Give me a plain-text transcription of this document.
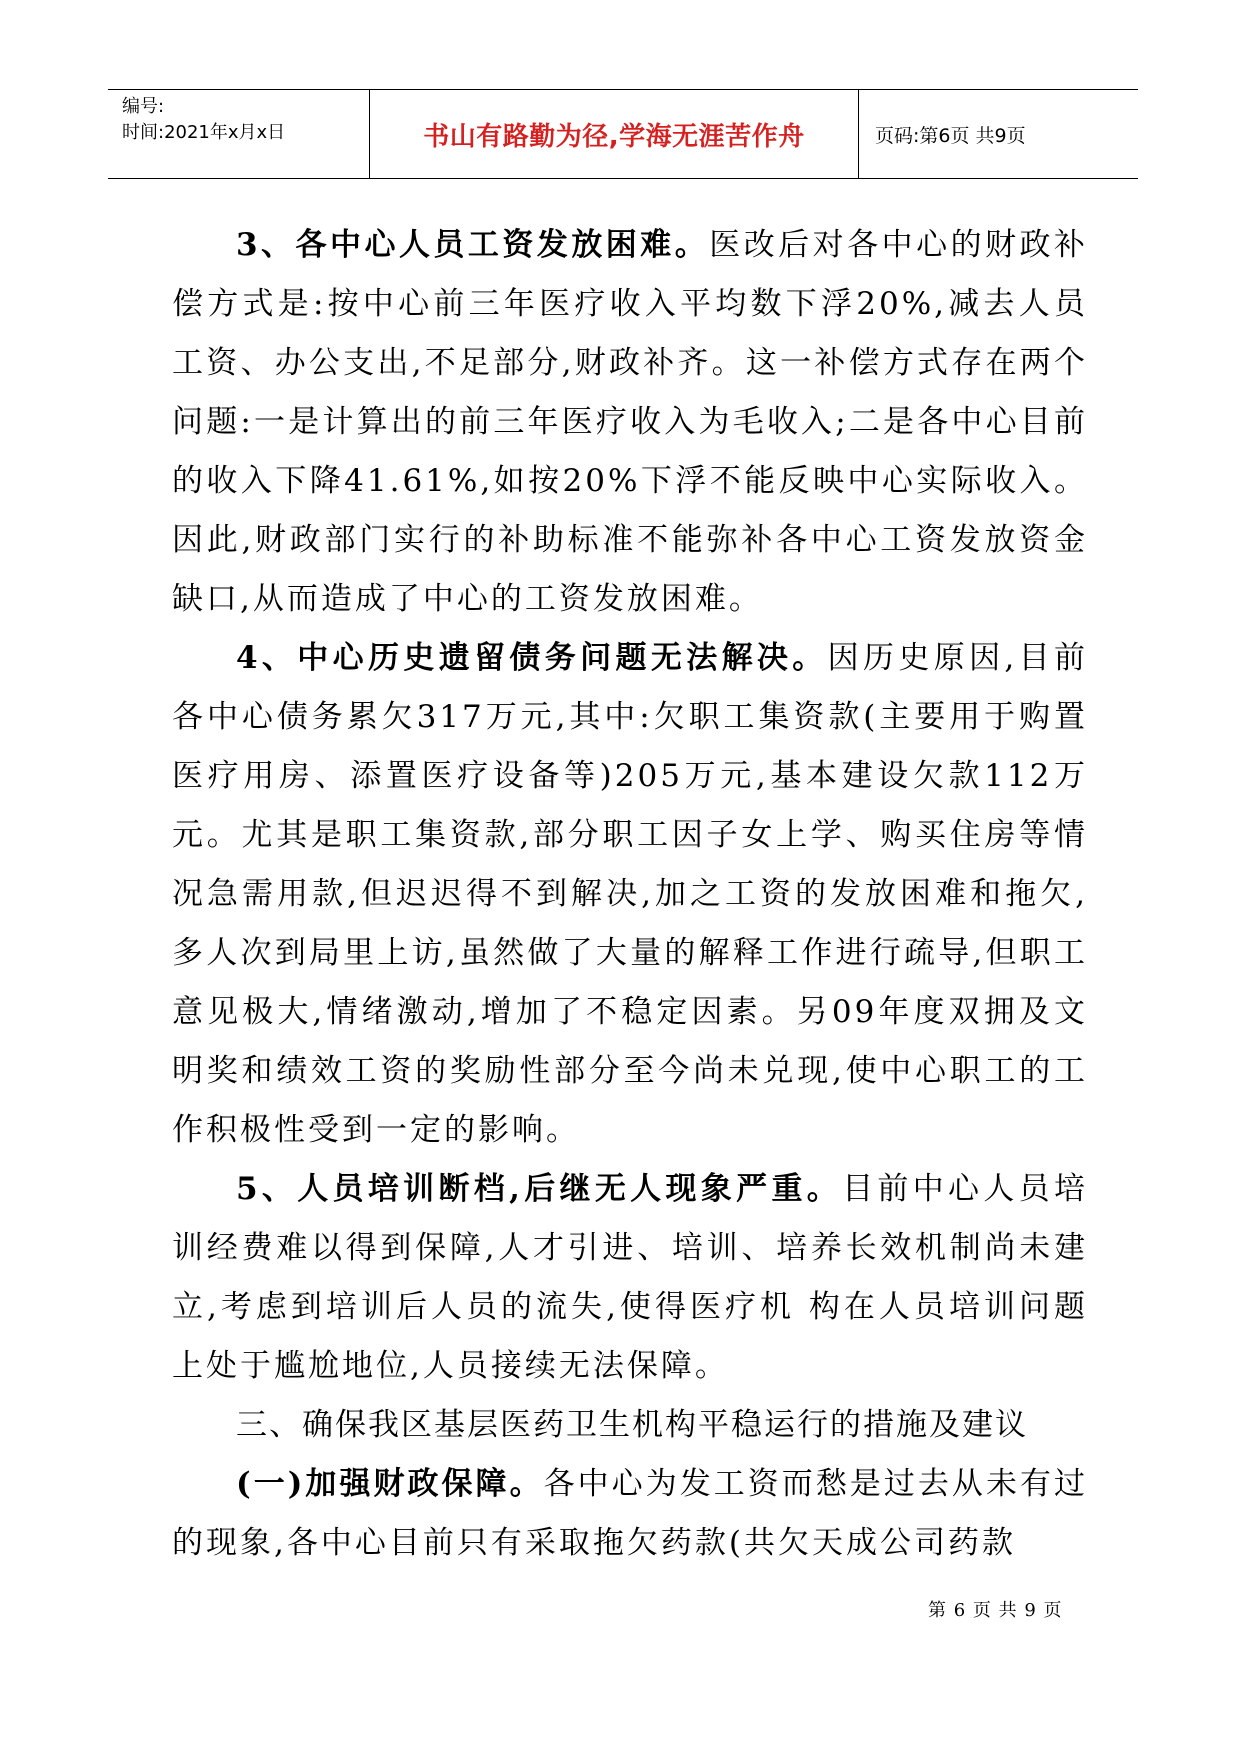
编号:
时间:2021年x月x日	书山有路勤为径,学海无涯苦作舟	页码:第6页 共9页

3、各中心人员工资发放困难。医改后对各中心的财政补偿方式是:按中心前三年医疗收入平均数下浮20%,减去人员工资、办公支出,不足部分,财政补齐。这一补偿方式存在两个问题:一是计算出的前三年医疗收入为毛收入;二是各中心目前的收入下降41.61%,如按20%下浮不能反映中心实际收入。因此,财政部门实行的补助标准不能弥补各中心工资发放资金缺口,从而造成了中心的工资发放困难。

4、中心历史遗留债务问题无法解决。因历史原因,目前各中心债务累欠317万元,其中:欠职工集资款(主要用于购置医疗用房、添置医疗设备等)205万元,基本建设欠款112万元。尤其是职工集资款,部分职工因子女上学、购买住房等情况急需用款,但迟迟得不到解决,加之工资的发放困难和拖欠,多人次到局里上访,虽然做了大量的解释工作进行疏导,但职工意见极大,情绪激动,增加了不稳定因素。另09年度双拥及文明奖和绩效工资的奖励性部分至今尚未兑现,使中心职工的工作积极性受到一定的影响。

5、人员培训断档,后继无人现象严重。目前中心人员培训经费难以得到保障,人才引进、培训、培养长效机制尚未建立,考虑到培训后人员的流失,使得医疗机 构在人员培训问题上处于尴尬地位,人员接续无法保障。

三、确保我区基层医药卫生机构平稳运行的措施及建议

(一)加强财政保障。各中心为发工资而愁是过去从未有过的现象,各中心目前只有采取拖欠药款(共欠天成公司药款

第 6 页 共 9 页
